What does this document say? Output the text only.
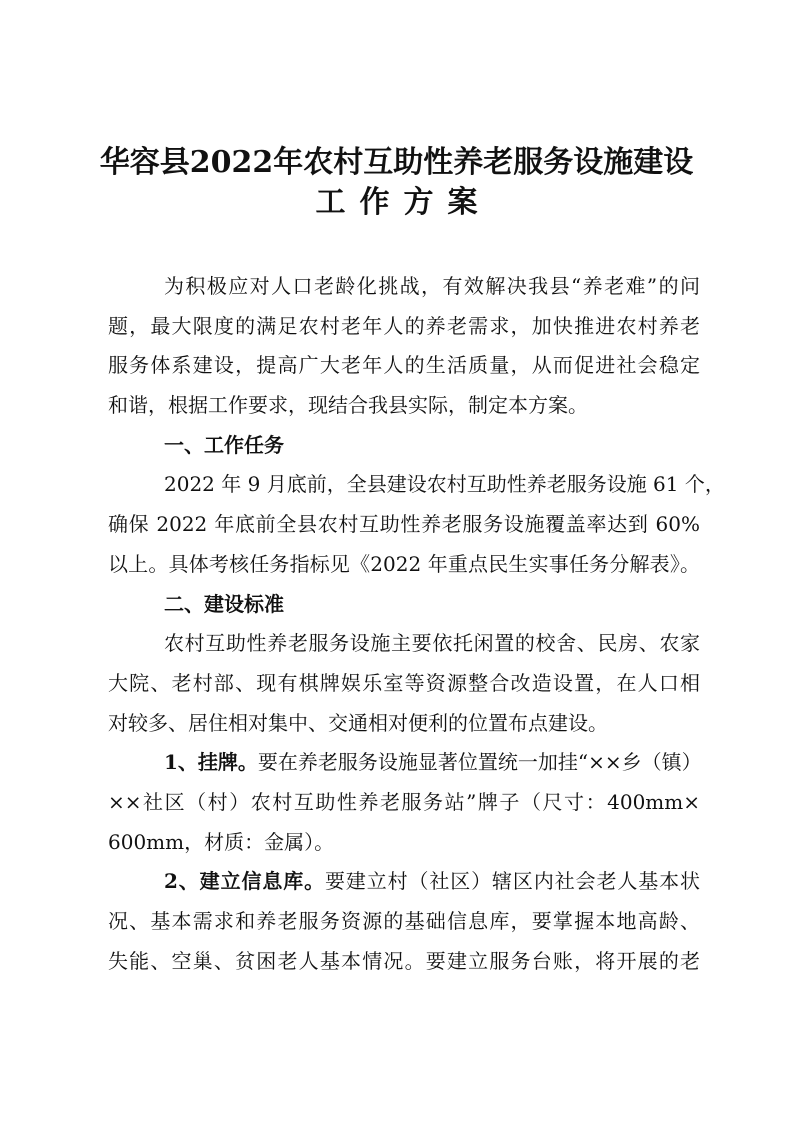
华容县2022年农村互助性养老服务设施建设
工作方案
为积极应对人口老龄化挑战，有效解决我县“养老难”的问
题，最大限度的满足农村老年人的养老需求，加快推进农村养老
服务体系建设，提高广大老年人的生活质量，从而促进社会稳定
和谐，根据工作要求，现结合我县实际，制定本方案。
一、工作任务
2022 年 9 月底前，全县建设农村互助性养老服务设施 61 个，
确保 2022 年底前全县农村互助性养老服务设施覆盖率达到 60%
以上。具体考核任务指标见《2022 年重点民生实事任务分解表》。
二、建设标准
农村互助性养老服务设施主要依托闲置的校舍、民房、农家
大院、老村部、现有棋牌娱乐室等资源整合改造设置，在人口相
对较多、居住相对集中、交通相对便利的位置布点建设。
1、挂牌。要在养老服务设施显著位置统一加挂“××乡（镇）
××社区（村）农村互助性养老服务站”牌子（尺寸：400mm×
600mm，材质：金属）。
2、建立信息库。要建立村（社区）辖区内社会老人基本状
况、基本需求和养老服务资源的基础信息库，要掌握本地高龄、
失能、空巢、贫困老人基本情况。要建立服务台账，将开展的老
